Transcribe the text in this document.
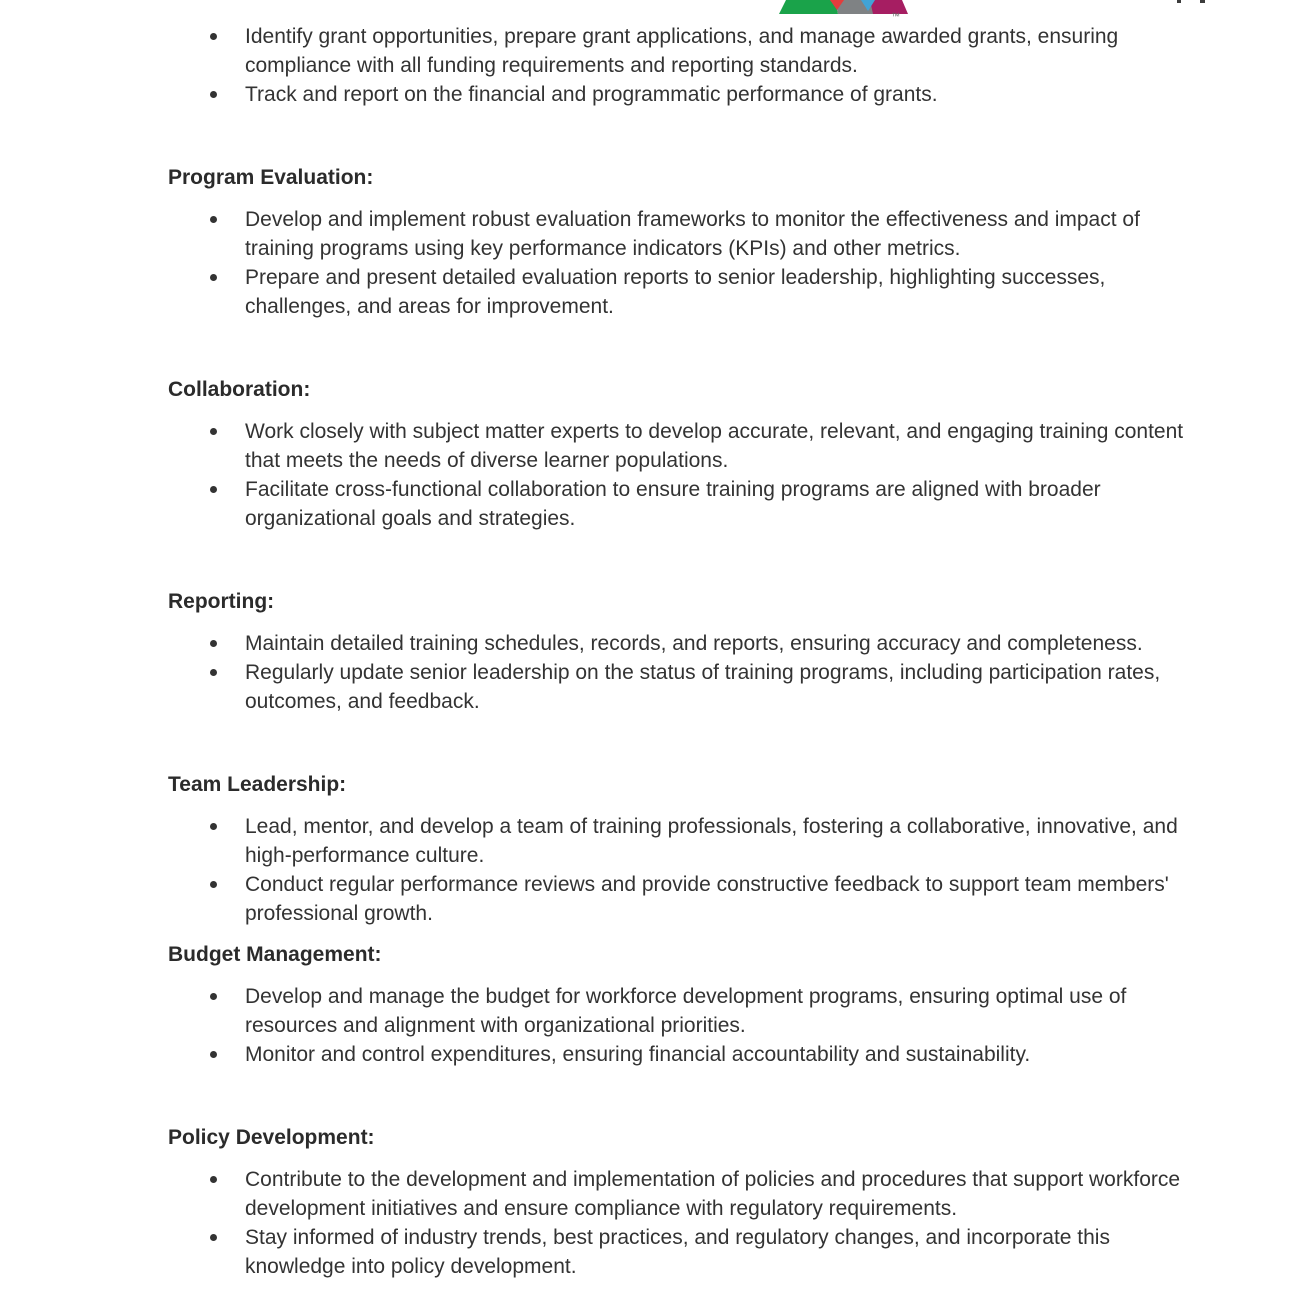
™
Identify grant opportunities, prepare grant applications, and manage awarded grants, ensuring compliance with all funding requirements and reporting standards.
Track and report on the financial and programmatic performance of grants.
Program Evaluation:
Develop and implement robust evaluation frameworks to monitor the effectiveness and impact of training programs using key performance indicators (KPIs) and other metrics.
Prepare and present detailed evaluation reports to senior leadership, highlighting successes, challenges, and areas for improvement.
Collaboration:
Work closely with subject matter experts to develop accurate, relevant, and engaging training content that meets the needs of diverse learner populations.
Facilitate cross-functional collaboration to ensure training programs are aligned with broader organizational goals and strategies.
Reporting:
Maintain detailed training schedules, records, and reports, ensuring accuracy and completeness.
Regularly update senior leadership on the status of training programs, including participation rates, outcomes, and feedback.
Team Leadership:
Lead, mentor, and develop a team of training professionals, fostering a collaborative, innovative, and high-performance culture.
Conduct regular performance reviews and provide constructive feedback to support team members' professional growth.
Budget Management:
Develop and manage the budget for workforce development programs, ensuring optimal use of resources and alignment with organizational priorities.
Monitor and control expenditures, ensuring financial accountability and sustainability.
Policy Development:
Contribute to the development and implementation of policies and procedures that support workforce development initiatives and ensure compliance with regulatory requirements.
Stay informed of industry trends, best practices, and regulatory changes, and incorporate this knowledge into policy development.
